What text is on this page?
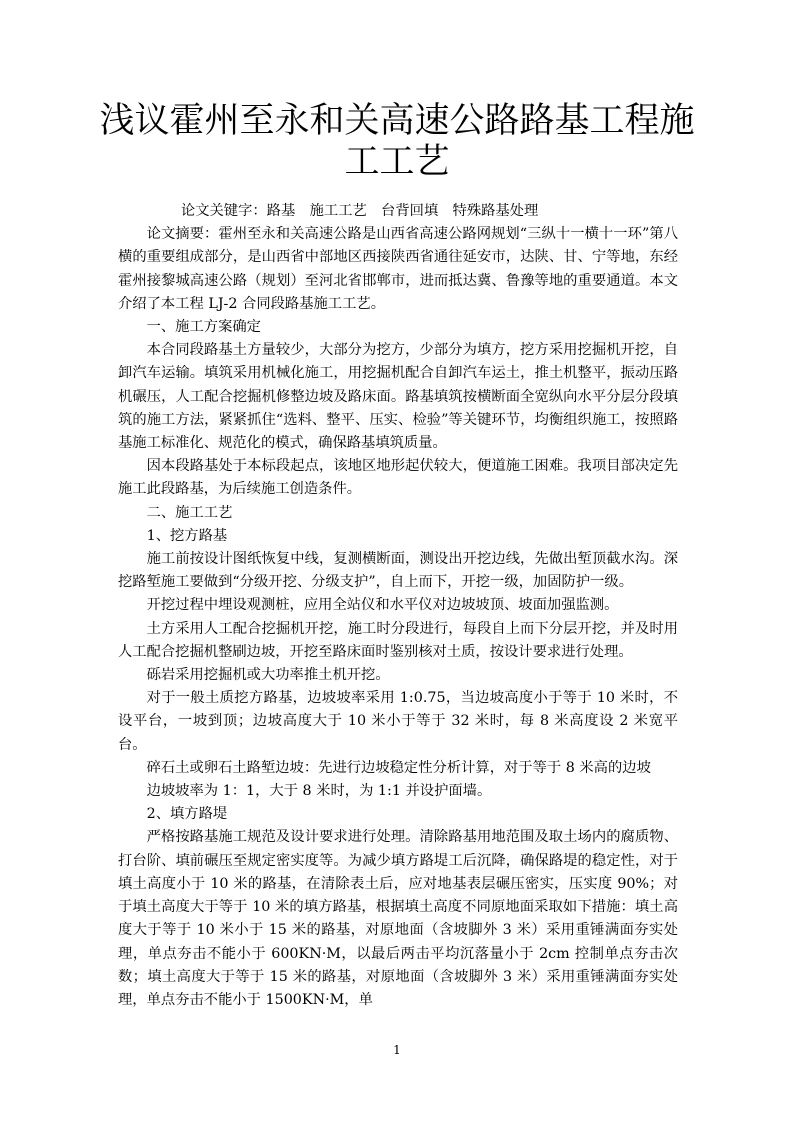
浅议霍州至永和关高速公路路基工程施
工工艺

论文关键字：路基　施工工艺　台背回填　特殊路基处理

论文摘要：霍州至永和关高速公路是山西省高速公路网规划“三纵十一横十一环”第八横的重要组成部分，是山西省中部地区西接陕西省通往延安市，达陕、甘、宁等地，东经霍州接黎城高速公路（规划）至河北省邯郸市，进而抵达冀、鲁豫等地的重要通道。本文介绍了本工程 LJ-2 合同段路基施工工艺。

一、施工方案确定

本合同段路基土方量较少，大部分为挖方，少部分为填方，挖方采用挖掘机开挖，自卸汽车运输。填筑采用机械化施工，用挖掘机配合自卸汽车运土，推土机整平，振动压路机碾压，人工配合挖掘机修整边坡及路床面。路基填筑按横断面全宽纵向水平分层分段填筑的施工方法，紧紧抓住“选料、整平、压实、检验”等关键环节，均衡组织施工，按照路基施工标准化、规范化的模式，确保路基填筑质量。

因本段路基处于本标段起点，该地区地形起伏较大，便道施工困难。我项目部决定先施工此段路基，为后续施工创造条件。

二、施工工艺

1、挖方路基

施工前按设计图纸恢复中线，复测横断面，测设出开挖边线，先做出堑顶截水沟。深挖路堑施工要做到“分级开挖、分级支护”，自上而下，开挖一级，加固防护一级。

开挖过程中埋设观测桩，应用全站仪和水平仪对边坡坡顶、坡面加强监测。

土方采用人工配合挖掘机开挖，施工时分段进行，每段自上而下分层开挖，并及时用人工配合挖掘机整刷边坡，开挖至路床面时鉴别核对土质，按设计要求进行处理。

砾岩采用挖掘机或大功率推土机开挖。

对于一般土质挖方路基，边坡坡率采用 1:0.75，当边坡高度小于等于 10 米时，不设平台，一坡到顶；边坡高度大于 10 米小于等于 32 米时，每 8 米高度设 2 米宽平台。

碎石土或卵石土路堑边坡：先进行边坡稳定性分析计算，对于等于 8 米高的边坡

边坡坡率为 1：1，大于 8 米时，为 1:1 并设护面墙。

2、填方路堤

严格按路基施工规范及设计要求进行处理。清除路基用地范围及取土场内的腐质物、打台阶、填前碾压至规定密实度等。为减少填方路堤工后沉降，确保路堤的稳定性，对于填土高度小于 10 米的路基，在清除表土后，应对地基表层碾压密实，压实度 90%；对于填土高度大于等于 10 米的填方路基，根据填土高度不同原地面采取如下措施：填土高度大于等于 10 米小于 15 米的路基，对原地面（含坡脚外 3 米）采用重锤满面夯实处理，单点夯击不能小于 600KN·M，以最后两击平均沉落量小于 2cm 控制单点夯击次数；填土高度大于等于 15 米的路基，对原地面（含坡脚外 3 米）采用重锤满面夯实处理，单点夯击不能小于 1500KN·M，单

1
